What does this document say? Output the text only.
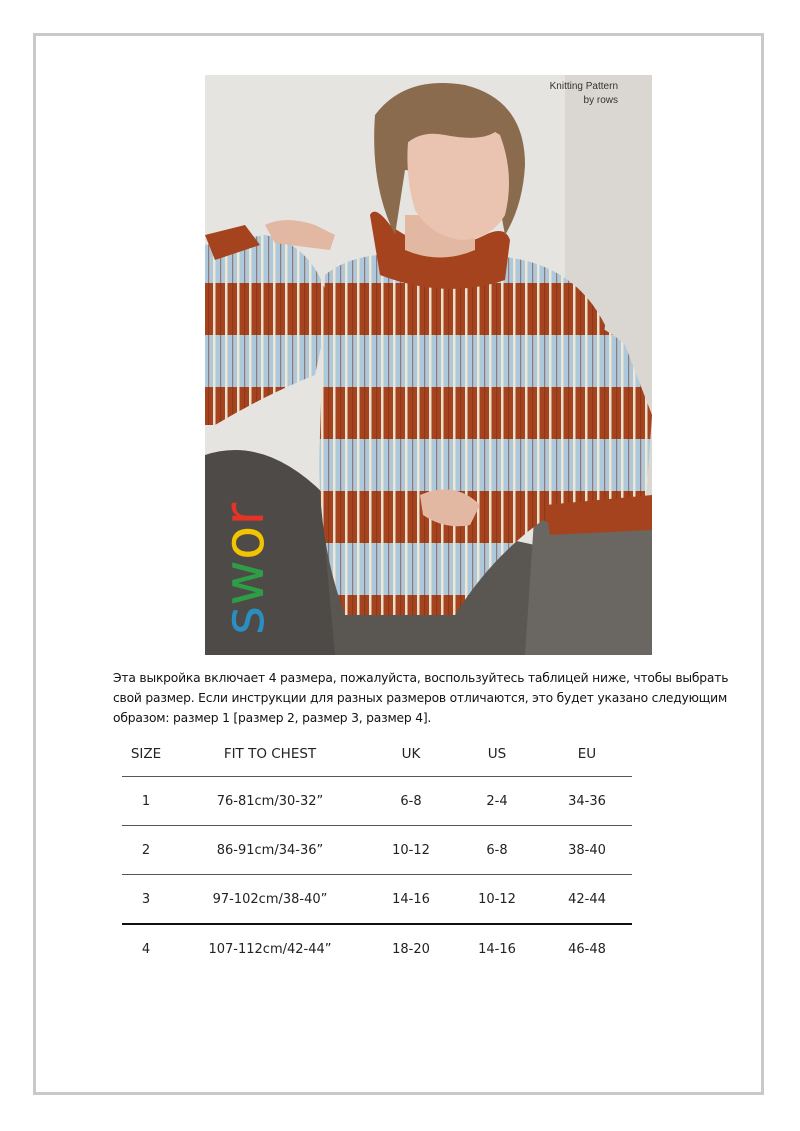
swor
Knitting Pattern
by rows
Эта выкройка включает 4 размера, пожалуйста, воспользуйтесь таблицей ниже, чтобы выбрать
свой размер. Если инструкции для разных размеров отличаются, это будет указано следующим
образом: размер 1 [размер 2, размер 3, размер 4].
SIZE	FIT TO CHEST	UK	US	EU
1	76-81cm/30-32”	6-8	2-4	34-36
2	86-91cm/34-36”	10-12	6-8	38-40
3	97-102cm/38-40”	14-16	10-12	42-44
4	107-112cm/42-44”	18-20	14-16	46-48
